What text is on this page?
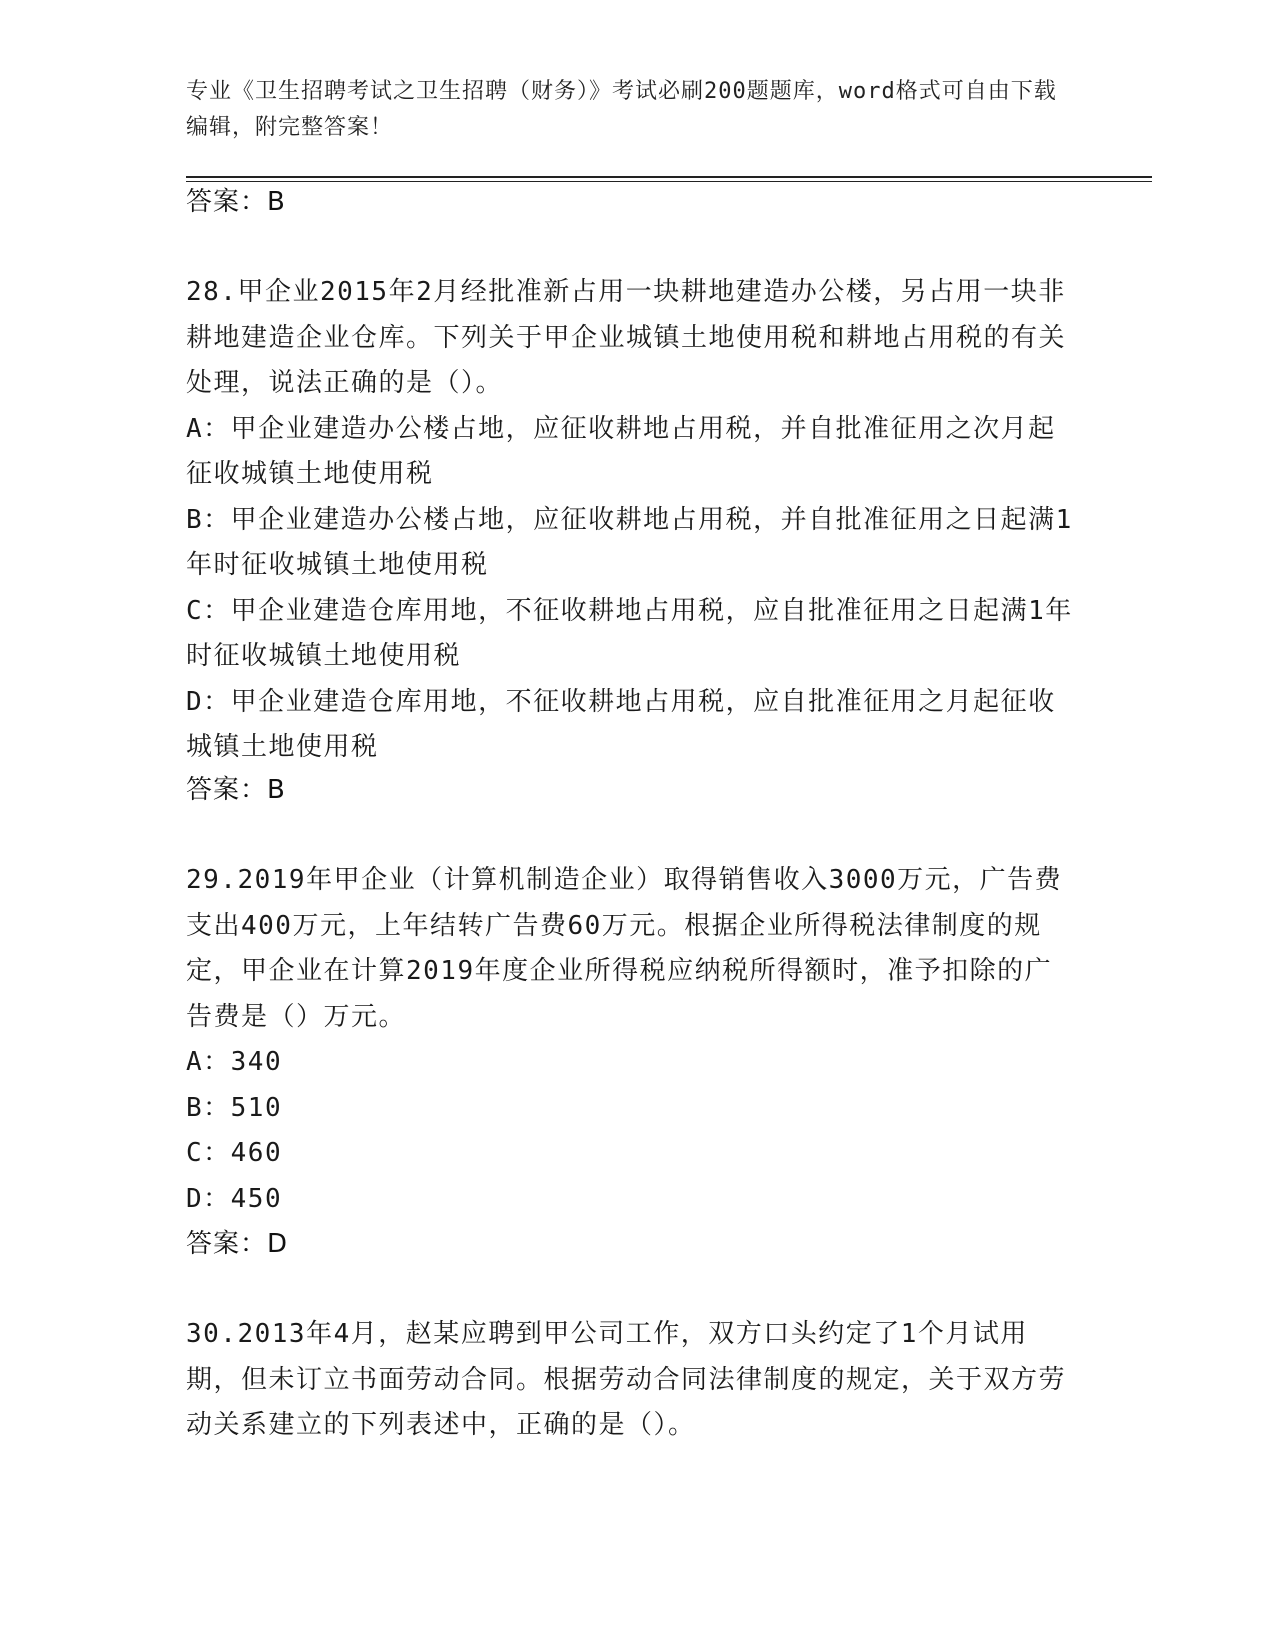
专业《卫生招聘考试之卫生招聘（财务）》考试必刷200题题库，word格式可自由下载编辑，附完整答案！
答案：B

28.甲企业2015年2月经批准新占用一块耕地建造办公楼，另占用一块非耕地建造企业仓库。下列关于甲企业城镇土地使用税和耕地占用税的有关处理，说法正确的是（）。

A：甲企业建造办公楼占地，应征收耕地占用税，并自批准征用之次月起征收城镇土地使用税

B：甲企业建造办公楼占地，应征收耕地占用税，并自批准征用之日起满1年时征收城镇土地使用税

C：甲企业建造仓库用地，不征收耕地占用税，应自批准征用之日起满1年时征收城镇土地使用税

D：甲企业建造仓库用地，不征收耕地占用税，应自批准征用之月起征收城镇土地使用税

答案：B

29.2019年甲企业（计算机制造企业）取得销售收入3000万元，广告费支出400万元，上年结转广告费60万元。根据企业所得税法律制度的规定，甲企业在计算2019年度企业所得税应纳税所得额时，准予扣除的广告费是（）万元。

A：340

B：510

C：460

D：450

答案：D

30.2013年4月，赵某应聘到甲公司工作，双方口头约定了1个月试用期，但未订立书面劳动合同。根据劳动合同法律制度的规定，关于双方劳动关系建立的下列表述中，正确的是（）。
